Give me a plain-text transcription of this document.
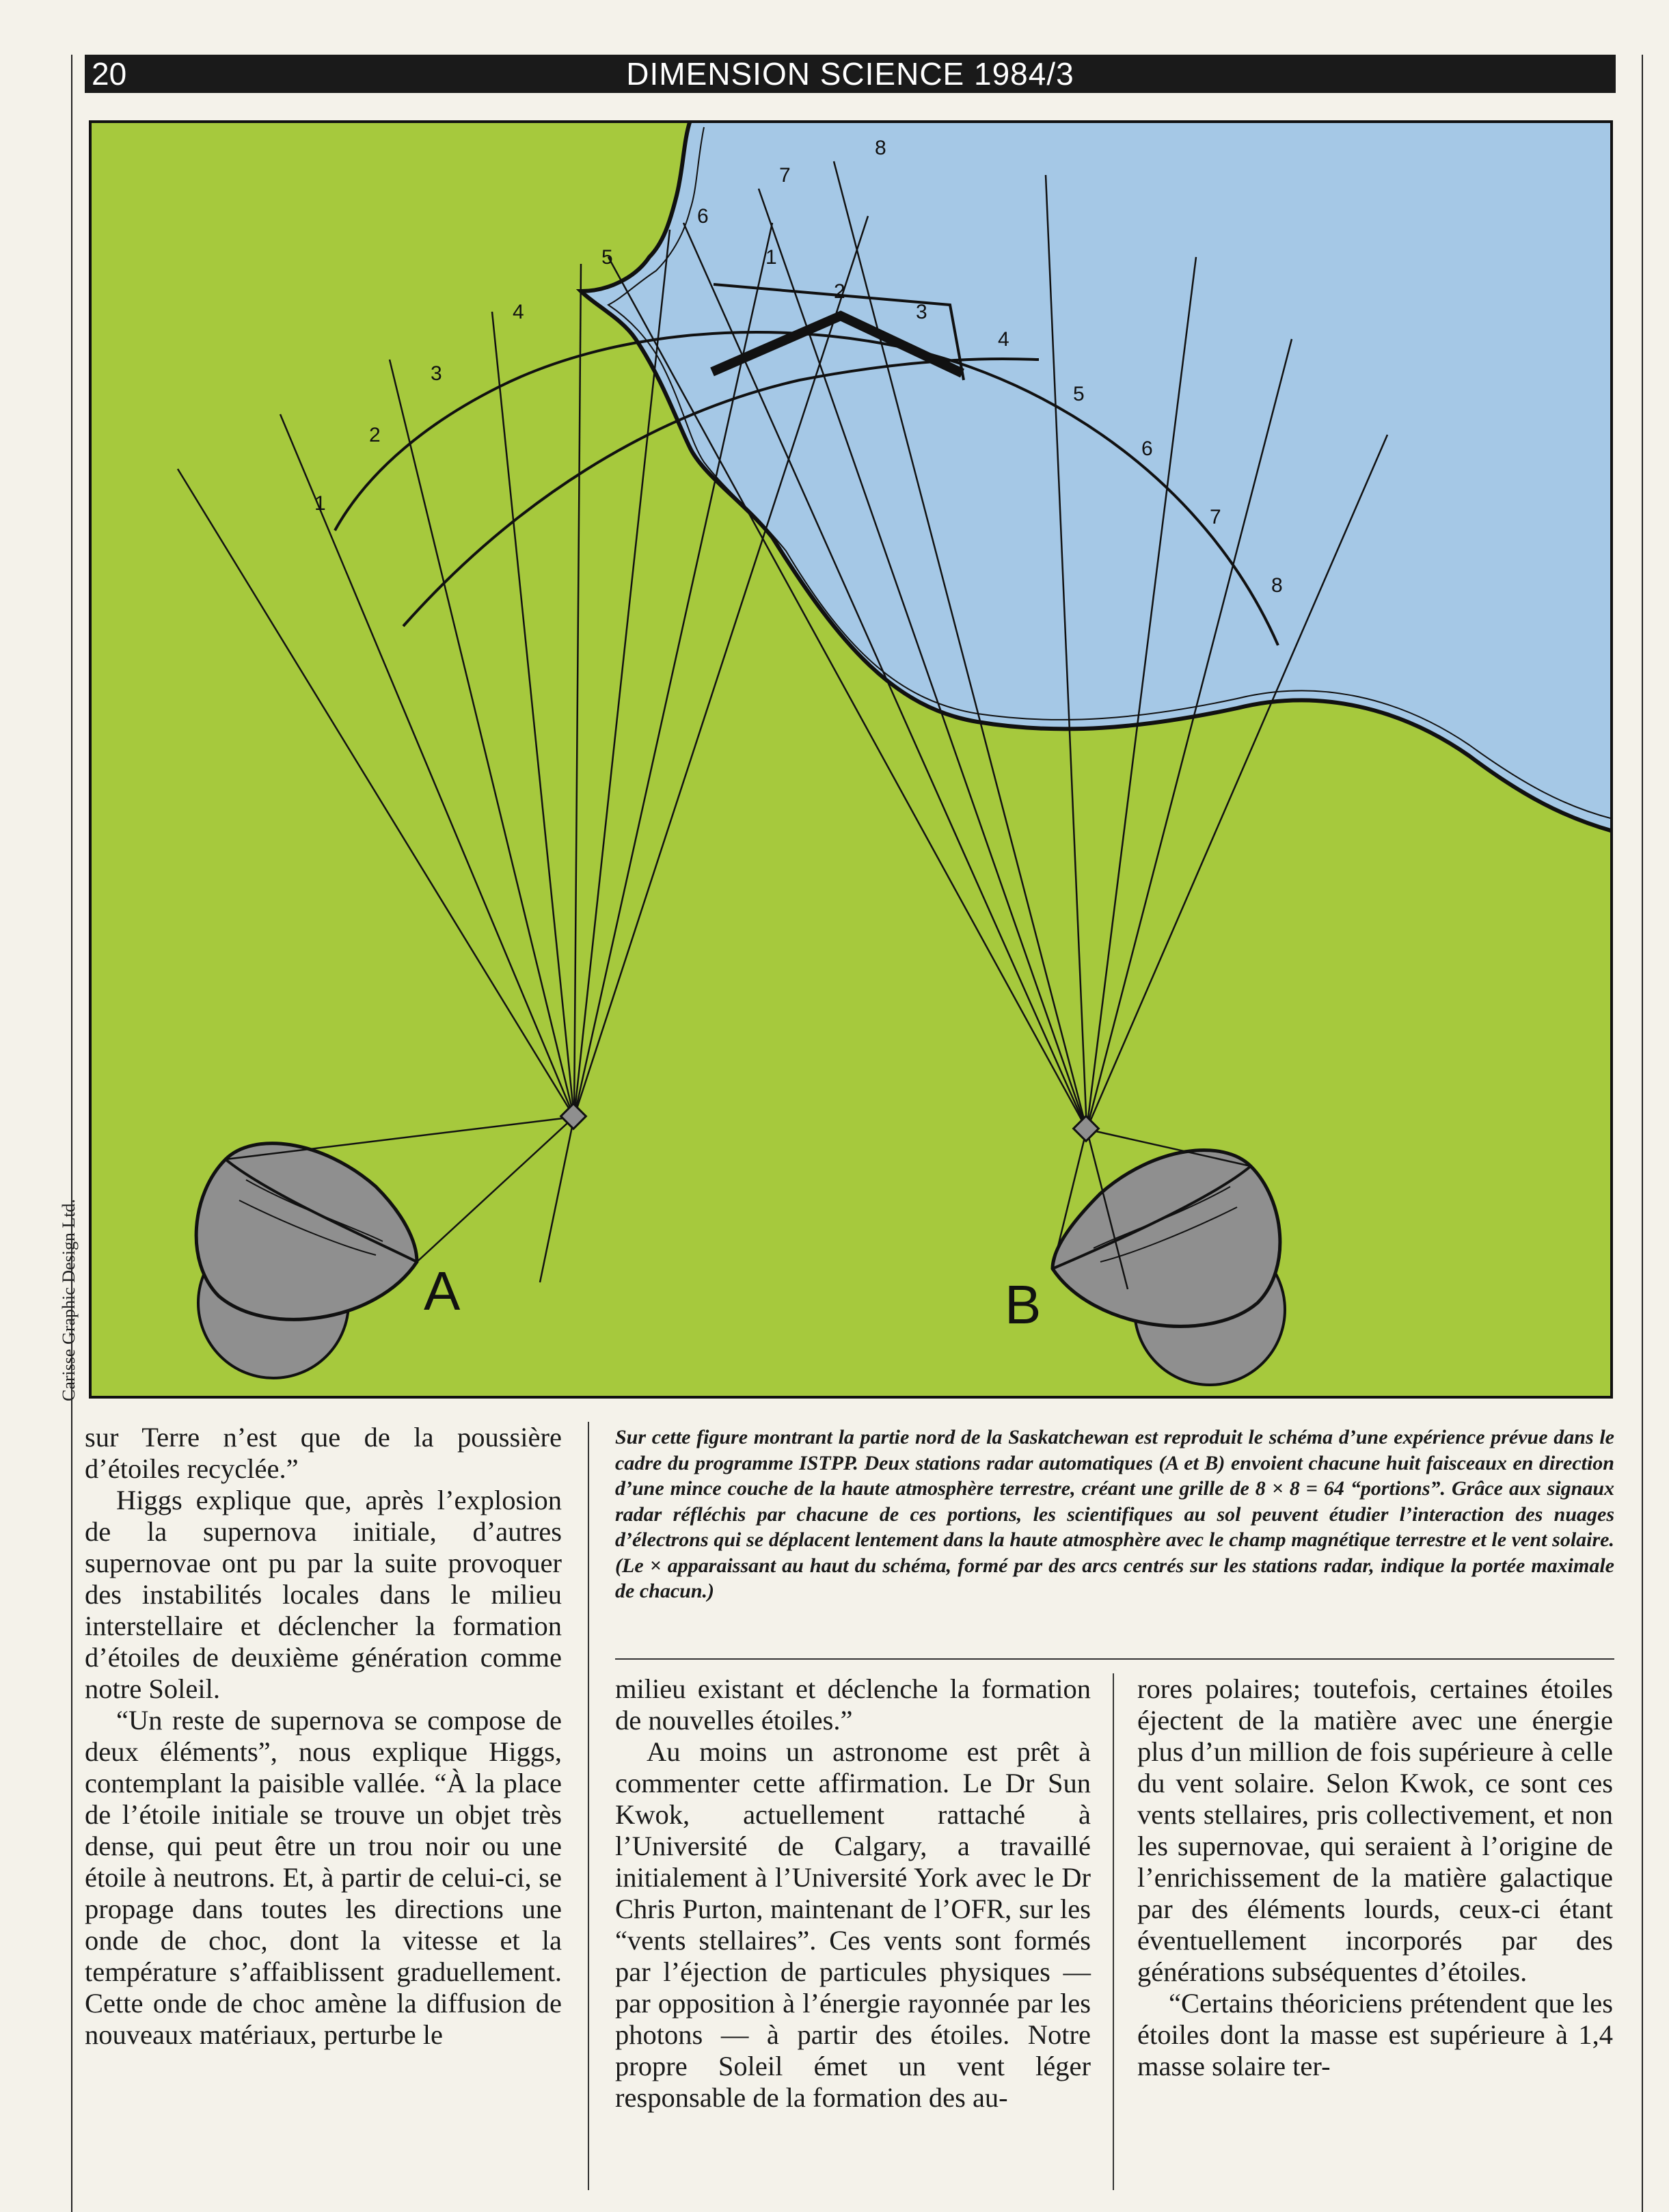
20	DIMENSION SCIENCE 1984/3
1
2
3
4
5
6
7
8
1
2
3
4
5
6
7
8
A	B
Carisse Graphic Design Ltd.
Sur cette figure montrant la partie nord de la Saskatchewan est reproduit le schéma d’une expérience prévue dans le cadre du programme ISTPP. Deux stations radar automatiques (A et B) envoient chacune huit faisceaux en direction d’une mince couche de la haute atmosphère terrestre, créant une grille de 8 × 8 = 64 “portions”. Grâce aux signaux radar réfléchis par chacune de ces portions, les scientifiques au sol peuvent étudier l’interaction des nuages d’électrons qui se déplacent lentement dans la haute atmosphère avec le champ magnétique terrestre et le vent solaire. (Le × apparaissant au haut du schéma, formé par des arcs centrés sur les stations radar, indique la portée maximale de chacun.)

sur Terre n’est que de la poussière d’étoiles recyclée.”

Higgs explique que, après l’explosion de la supernova initiale, d’autres supernovae ont pu par la suite provoquer des instabilités locales dans le milieu interstellaire et déclencher la formation d’étoiles de deuxième génération comme notre Soleil.

“Un reste de supernova se compose de deux éléments”, nous explique Higgs, contemplant la paisible vallée. “À la place de l’étoile initiale se trouve un objet très dense, qui peut être un trou noir ou une étoile à neutrons. Et, à partir de celui-ci, se propage dans toutes les directions une onde de choc, dont la vitesse et la température s’affaiblissent graduellement. Cette onde de choc amène la diffusion de nouveaux matériaux, perturbe le

milieu existant et déclenche la formation de nouvelles étoiles.”

Au moins un astronome est prêt à commenter cette affirmation. Le Dr Sun Kwok, actuellement rattaché à l’Université de Calgary, a travaillé initialement à l’Université York avec le Dr Chris Purton, maintenant de l’OFR, sur les “vents stellaires”. Ces vents sont formés par l’éjection de particules physiques — par opposition à l’énergie rayonnée par les photons — à partir des étoiles. Notre propre Soleil émet un vent léger responsable de la formation des au-

rores polaires; toutefois, certaines étoiles éjectent de la matière avec une énergie plus d’un million de fois supérieure à celle du vent solaire. Selon Kwok, ce sont ces vents stellaires, pris collectivement, et non les supernovae, qui seraient à l’origine de l’enrichissement de la matière galactique par des éléments lourds, ceux-ci étant éventuellement incorporés par des générations subséquentes d’étoiles.

“Certains théoriciens prétendent que les étoiles dont la masse est supérieure à 1,4 masse solaire ter-
